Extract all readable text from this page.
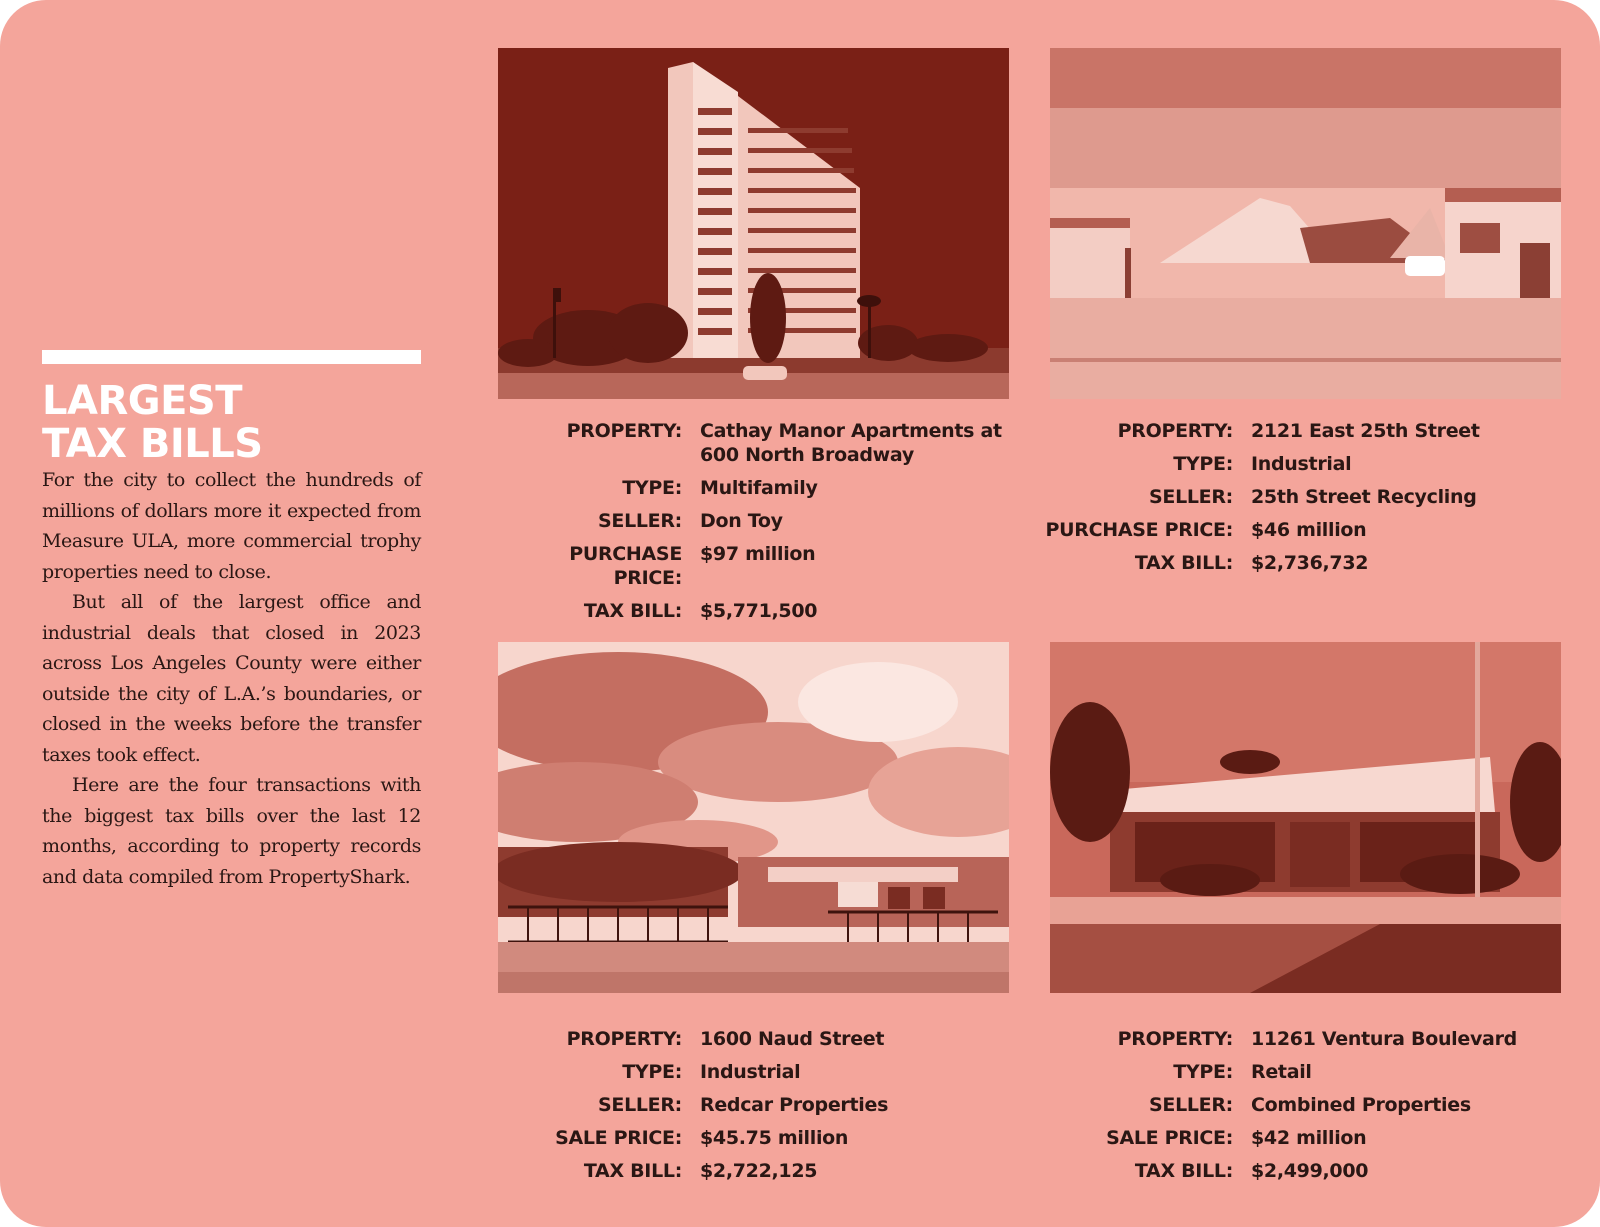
LARGEST
TAX BILLS

For the city to collect the hundreds of millions of dollars more it expected from Measure ULA, more commercial trophy properties need to close.

But all of the largest office and industrial deals that closed in 2023 across Los Angeles County were either outside the city of L.A.’s boundaries, or closed in the weeks before the transfer taxes took effect.

Here are the four transactions with the biggest tax bills over the last 12 months, according to property records and data compiled from PropertyShark.

PROPERTY: Cathay Manor Apartments at 600 North Broadway
TYPE: Multifamily
SELLER: Don Toy
PURCHASE PRICE:
$97 million
TAX BILL: $5,771,500
PROPERTY: 2121 East 25th Street
TYPE: Industrial
SELLER: 25th Street Recycling
PURCHASE PRICE: $46 million
TAX BILL: $2,736,732
PROPERTY: 1600 Naud Street
TYPE: Industrial
SELLER: Redcar Properties
SALE PRICE: $45.75 million
TAX BILL: $2,722,125
PROPERTY: 11261 Ventura Boulevard
TYPE: Retail
SELLER: Combined Properties
SALE PRICE: $42 million
TAX BILL: $2,499,000
